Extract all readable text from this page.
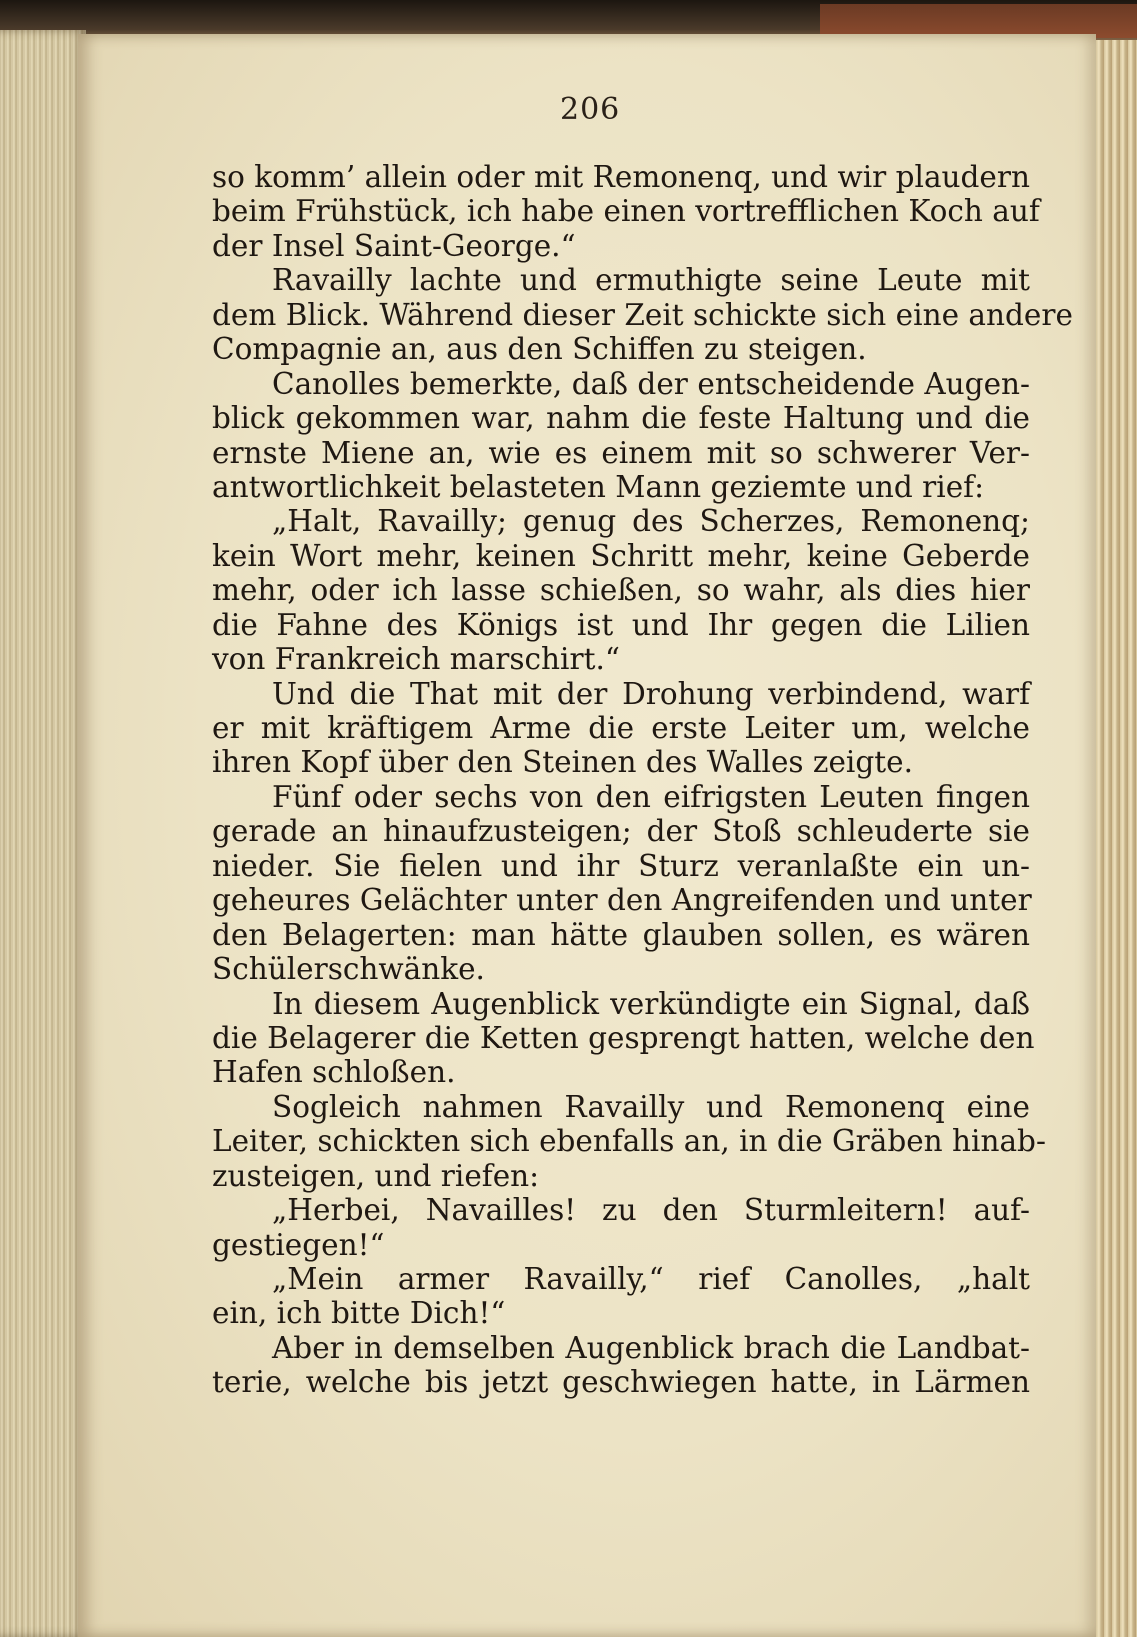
206
so komm’ allein oder mit Remonenq, und wir plaudern
beim Frühstück, ich habe einen vortrefflichen Koch auf
der Insel Saint-George.“
Ravailly lachte und ermuthigte seine Leute mit
dem Blick. Während dieser Zeit schickte sich eine andere
Compagnie an, aus den Schiffen zu steigen.
Canolles bemerkte, daß der entscheidende Augen-
blick gekommen war, nahm die feste Haltung und die
ernste Miene an, wie es einem mit so schwerer Ver-
antwortlichkeit belasteten Mann geziemte und rief:
„Halt, Ravailly; genug des Scherzes, Remonenq;
kein Wort mehr, keinen Schritt mehr, keine Geberde
mehr, oder ich lasse schießen, so wahr, als dies hier
die Fahne des Königs ist und Ihr gegen die Lilien
von Frankreich marschirt.“
Und die That mit der Drohung verbindend, warf
er mit kräftigem Arme die erste Leiter um, welche
ihren Kopf über den Steinen des Walles zeigte.
Fünf oder sechs von den eifrigsten Leuten fingen
gerade an hinaufzusteigen; der Stoß schleuderte sie
nieder. Sie fielen und ihr Sturz veranlaßte ein un-
geheures Gelächter unter den Angreifenden und unter
den Belagerten: man hätte glauben sollen, es wären
Schülerschwänke.
In diesem Augenblick verkündigte ein Signal, daß
die Belagerer die Ketten gesprengt hatten, welche den
Hafen schloßen.
Sogleich nahmen Ravailly und Remonenq eine
Leiter, schickten sich ebenfalls an, in die Gräben hinab-
zusteigen, und riefen:
„Herbei, Navailles! zu den Sturmleitern! auf-
gestiegen!“
„Mein armer Ravailly,“ rief Canolles, „halt
ein, ich bitte Dich!“
Aber in demselben Augenblick brach die Landbat-
terie, welche bis jetzt geschwiegen hatte, in Lärmen
